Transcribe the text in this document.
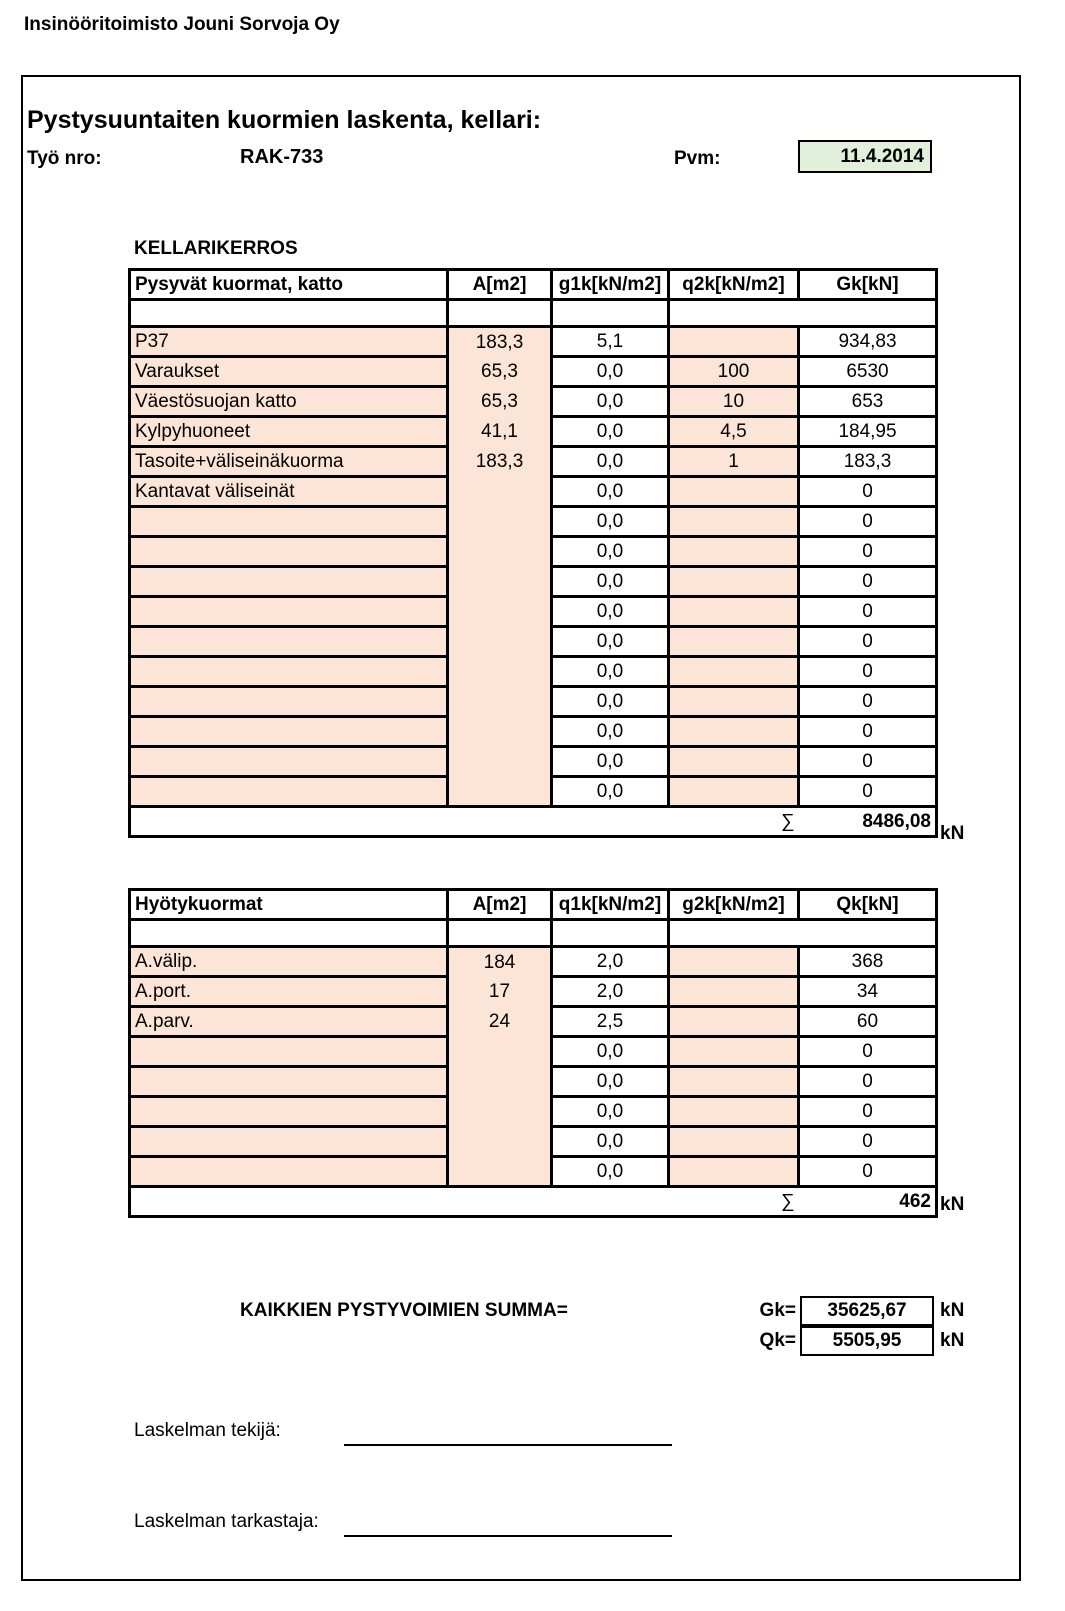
Insinööritoimisto Jouni Sorvoja Oy
Pystysuuntaiten kuormien laskenta, kellari:
Työ nro:	RAK-733	Pvm:	11.4.2014
KELLARIKERROS
Pysyvät kuormat, katto	A[m2]	g1k[kN/m2]	q2k[kN/m2]	Gk[kN]

P37	183,3	5,1		934,83
Varaukset	65,3	0,0	100	6530
Väestösuojan katto	65,3	0,0	10	653
Kylpyhuoneet	41,1	0,0	4,5	184,95
Tasoite+väliseinäkuorma	183,3	0,0	1	183,3
Kantavat väliseinät		0,0		0
		0,0		0
		0,0		0
		0,0		0
		0,0		0
		0,0		0
		0,0		0
		0,0		0
		0,0		0
		0,0		0
		0,0		0
∑				8486,08
kN
Hyötykuormat	A[m2]	q1k[kN/m2]	g2k[kN/m2]	Qk[kN]

A.välip.	184	2,0		368
A.port.	17	2,0		34
A.parv.	24	2,5		60
		0,0		0
		0,0		0
		0,0		0
		0,0		0
		0,0		0
∑				462 kN
KAIKKIEN PYSTYVOIMIEN SUMMA=	Gk=	35625,67	kN
Qk=	5505,95	kN
Laskelman tekijä:
Laskelman tarkastaja:
